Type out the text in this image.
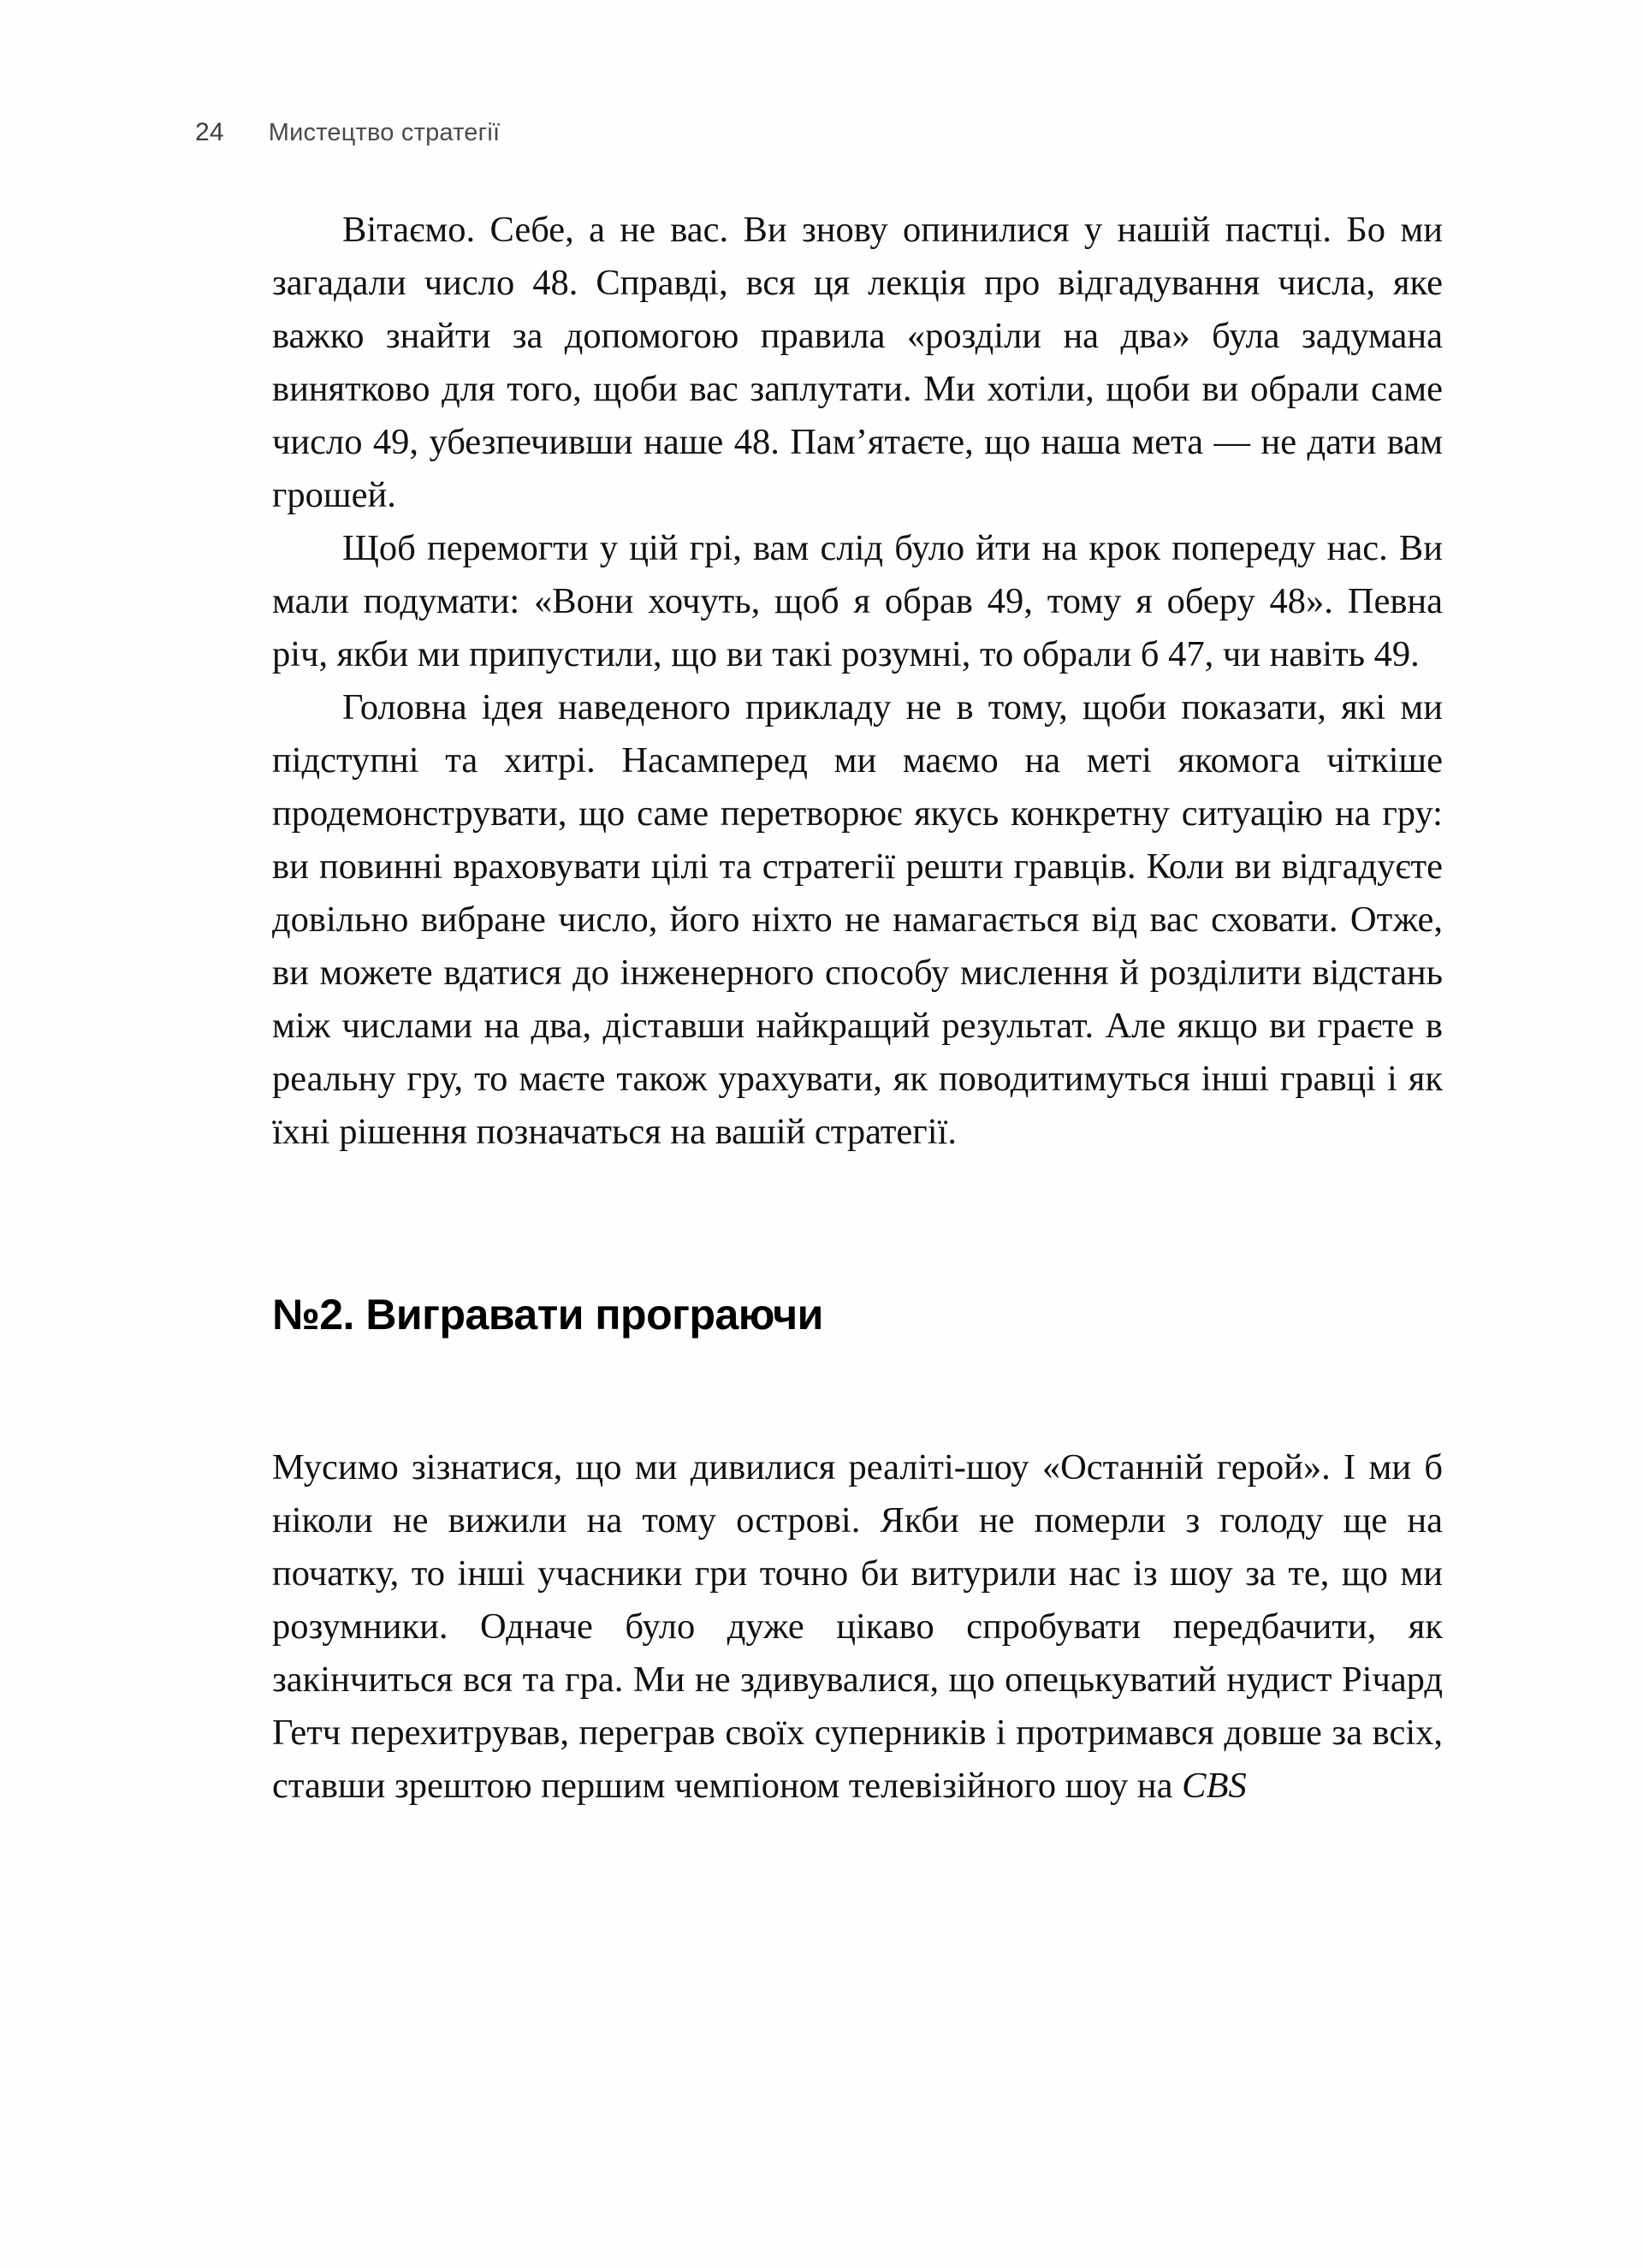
24 Мистецтво стратегії

Вітаємо. Себе, а не вас. Ви знову опинилися у нашій пастці. Бо ми загадали число 48. Справді, вся ця лекція про відгадування числа, яке важко знайти за допомогою правила «розділи на два» була задумана винятково для того, щоби вас заплутати. Ми хотіли, щоби ви обрали саме число 49, убезпечивши наше 48. Пам’ятаєте, що наша мета — не дати вам грошей.

Щоб перемогти у цій грі, вам слід було йти на крок попереду нас. Ви мали подумати: «Вони хочуть, щоб я обрав 49, тому я оберу 48». Певна річ, якби ми припустили, що ви такі розумні, то обрали б 47, чи навіть 49.

Головна ідея наведеного прикладу не в тому, щоби показати, які ми підступні та хитрі. Насамперед ми маємо на меті якомога чіткіше продемонструвати, що саме перетворює якусь конкретну ситуацію на гру: ви повинні враховувати цілі та стратегії решти гравців. Коли ви відгадуєте довільно вибране число, його ніхто не намагається від вас сховати. Отже, ви можете вдатися до інженерного способу мислення й розділити відстань між числами на два, діставши найкращий результат. Але якщо ви граєте в реальну гру, то маєте також урахувати, як поводитимуться інші гравці і як їхні рішення позначаться на вашій стратегії.

№2. Вигравати програючи

Мусимо зізнатися, що ми дивилися реаліті-шоу «Останній герой». І ми б ніколи не вижили на тому острові. Якби не померли з голоду ще на початку, то інші учасники гри точно би витурили нас із шоу за те, що ми розумники. Одначе було дуже цікаво спробувати передбачити, як закінчиться вся та гра. Ми не здивувалися, що опецькуватий нудист Річард Гетч перехитрував, переграв своїх суперників і протримався довше за всіх, ставши зрештою першим чемпіоном телевізійного шоу на CBS
